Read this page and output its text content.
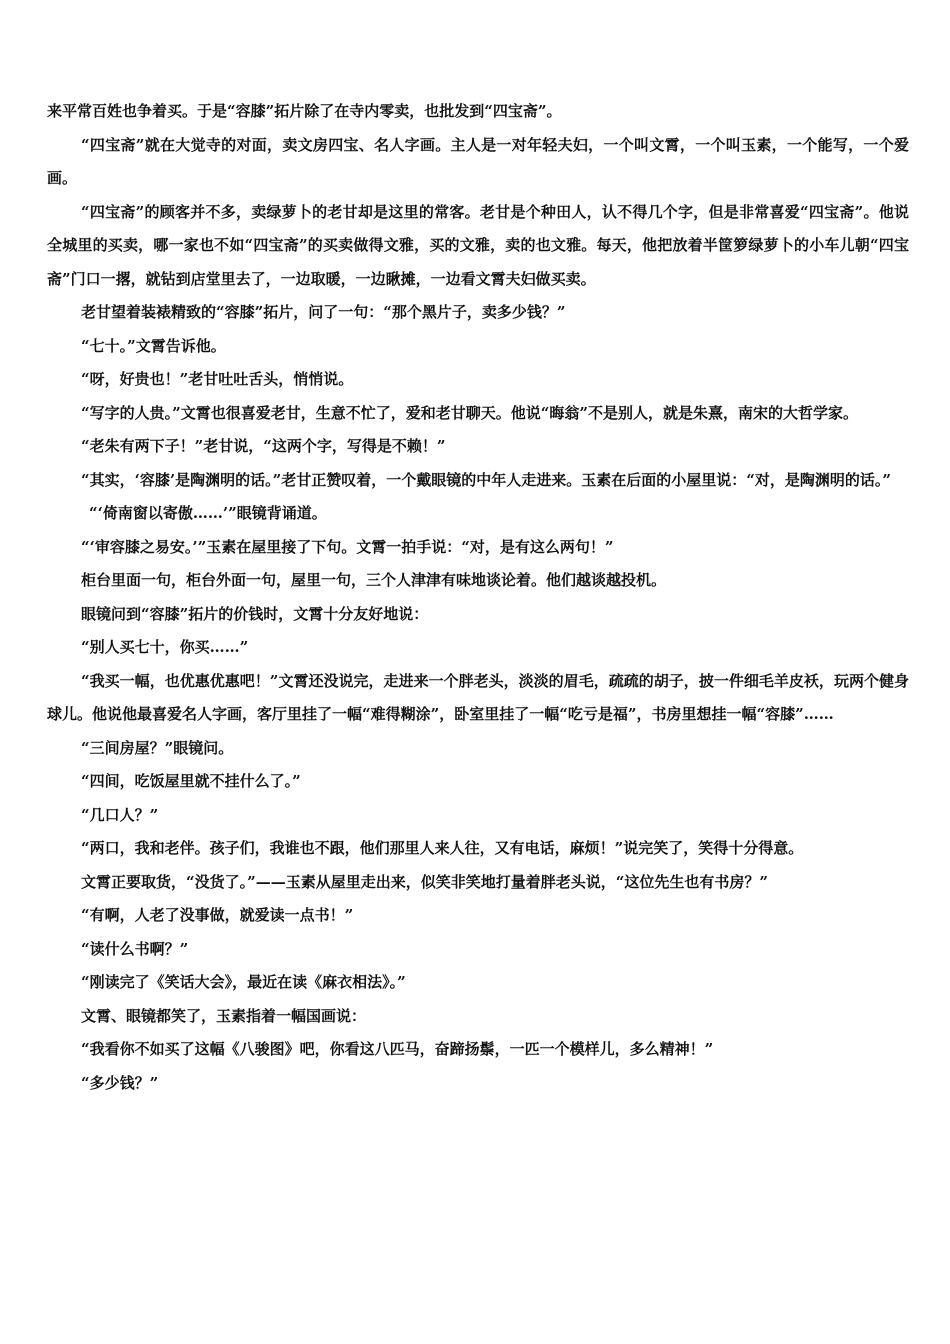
来平常百姓也争着买。于是“容膝”拓片除了在寺内零卖，也批发到“四宝斋”。

“四宝斋”就在大觉寺的对面，卖文房四宝、名人字画。主人是一对年轻夫妇，一个叫文霄，一个叫玉素，一个能写，一个爱画。

“四宝斋”的顾客并不多，卖绿萝卜的老甘却是这里的常客。老甘是个种田人，认不得几个字，但是非常喜爱“四宝斋”。他说全城里的买卖，哪一家也不如“四宝斋”的买卖做得文雅，买的文雅，卖的也文雅。每天，他把放着半筐箩绿萝卜的小车儿朝“四宝斋”门口一撂，就钻到店堂里去了，一边取暖，一边瞅摊，一边看文霄夫妇做买卖。

老甘望着装裱精致的“容膝”拓片，问了一句：“那个黑片子，卖多少钱？”

“七十。”文霄告诉他。

“呀，好贵也！”老甘吐吐舌头，悄悄说。

“写字的人贵。”文霄也很喜爱老甘，生意不忙了，爱和老甘聊天。他说“晦翁”不是别人，就是朱熹，南宋的大哲学家。

“老朱有两下子！”老甘说，“这两个字，写得是不赖！”

“其实，‘容膝’是陶渊明的话。”老甘正赞叹着，一个戴眼镜的中年人走进来。玉素在后面的小屋里说：“对，是陶渊明的话。”

“‘倚南窗以寄傲……’”眼镜背诵道。

“‘审容膝之易安。’”玉素在屋里接了下句。文霄一拍手说：“对，是有这么两句！”

柜台里面一句，柜台外面一句，屋里一句，三个人津津有味地谈论着。他们越谈越投机。

眼镜问到“容膝”拓片的价钱时，文霄十分友好地说：

“别人买七十，你买……”

“我买一幅，也优惠优惠吧！”文霄还没说完，走进来一个胖老头，淡淡的眉毛，疏疏的胡子，披一件细毛羊皮袄，玩两个健身球儿。他说他最喜爱名人字画，客厅里挂了一幅“难得糊涂”，卧室里挂了一幅“吃亏是福”，书房里想挂一幅“容膝”……

“三间房屋？”眼镜问。

“四间，吃饭屋里就不挂什么了。”

“几口人？”

“两口，我和老伴。孩子们，我谁也不跟，他们那里人来人往，又有电话，麻烦！”说完笑了，笑得十分得意。

文霄正要取货，“没货了。”——玉素从屋里走出来，似笑非笑地打量着胖老头说，“这位先生也有书房？”

“有啊，人老了没事做，就爱读一点书！”

“读什么书啊？”

“刚读完了《笑话大会》，最近在读《麻衣相法》。”

文霄、眼镜都笑了，玉素指着一幅国画说：

“我看你不如买了这幅《八骏图》吧，你看这八匹马，奋蹄扬鬃，一匹一个模样儿，多么精神！”

“多少钱？”
